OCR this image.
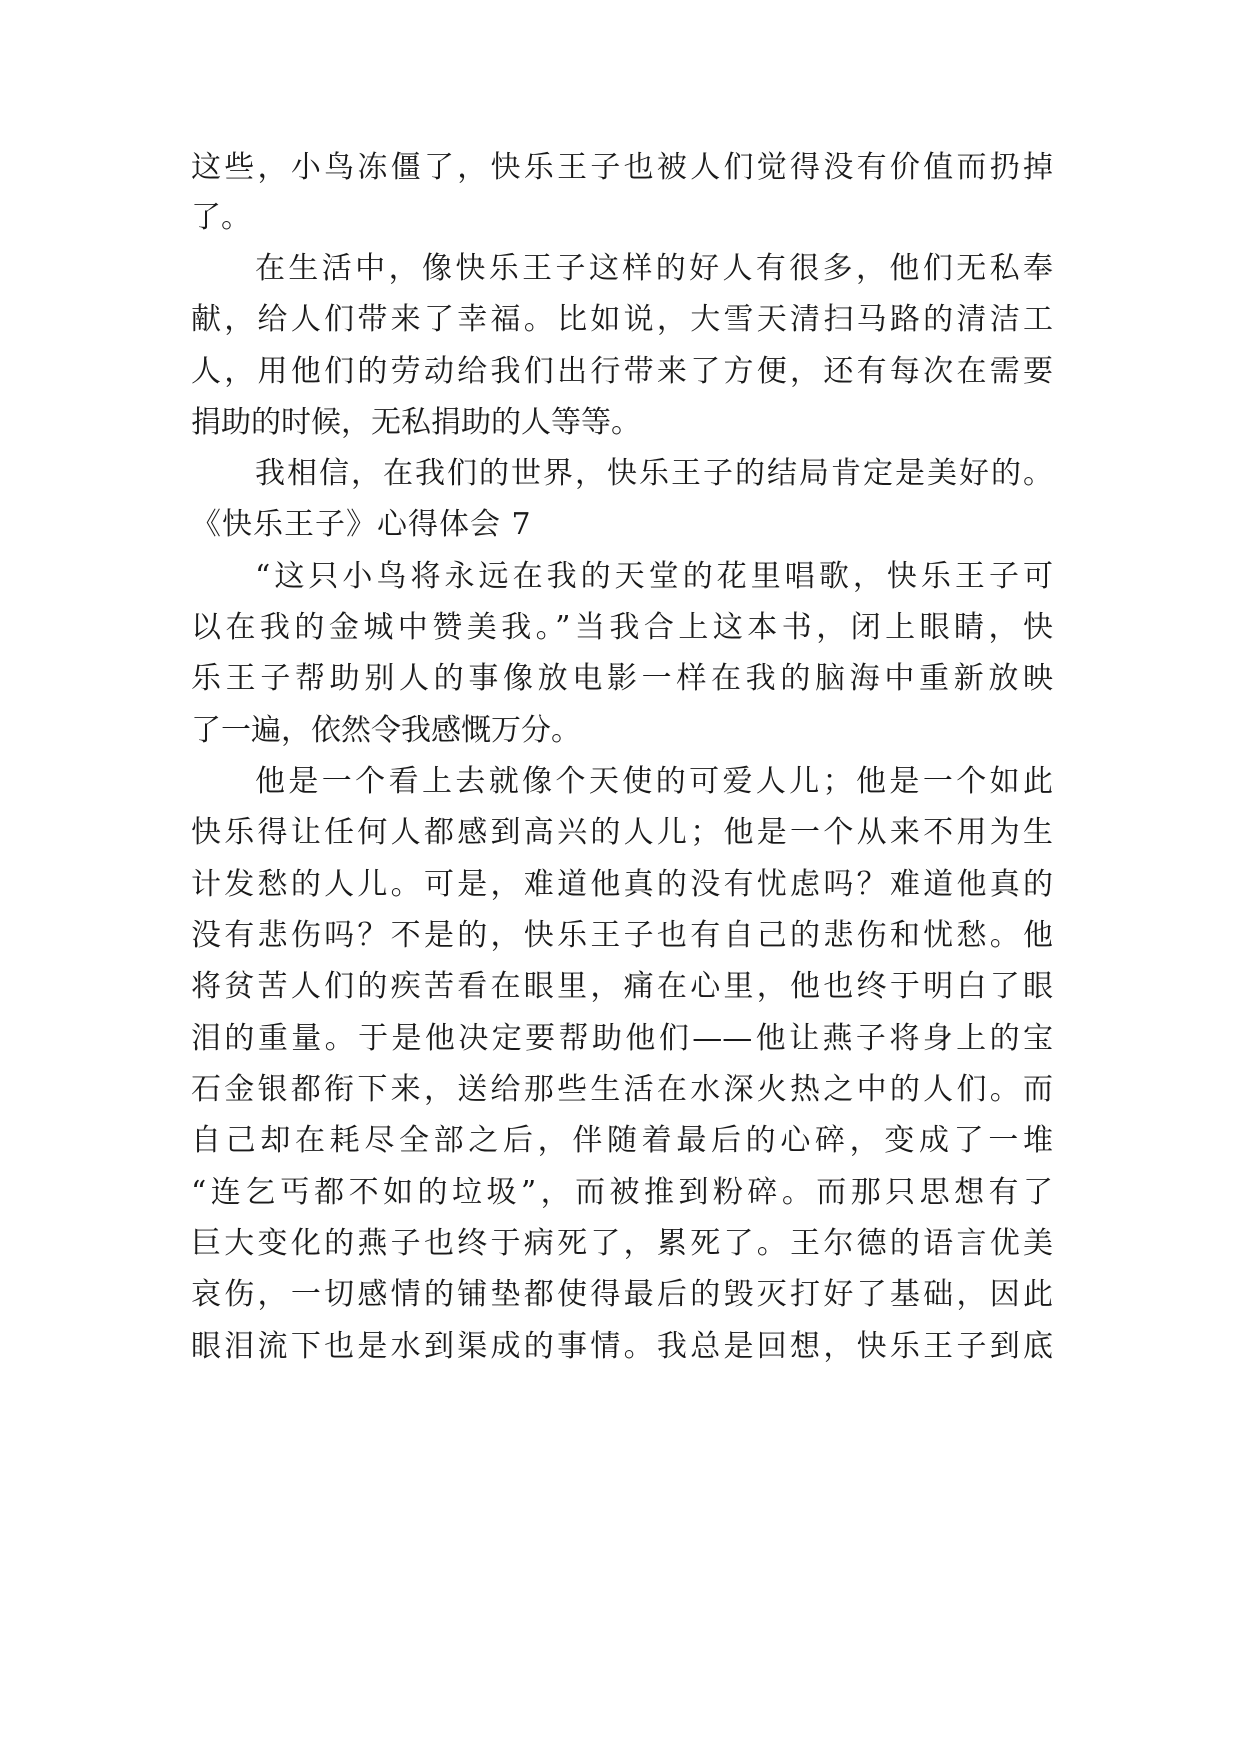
这些，小鸟冻僵了，快乐王子也被人们觉得没有价值而扔掉
了。
在生活中，像快乐王子这样的好人有很多，他们无私奉
献，给人们带来了幸福。比如说，大雪天清扫马路的清洁工
人，用他们的劳动给我们出行带来了方便，还有每次在需要
捐助的时候，无私捐助的人等等。
我相信，在我们的世界，快乐王子的结局肯定是美好的。
《快乐王子》心得体会 7
“这只小鸟将永远在我的天堂的花里唱歌，快乐王子可
以在我的金城中赞美我。”当我合上这本书，闭上眼睛，快
乐王子帮助别人的事像放电影一样在我的脑海中重新放映
了一遍，依然令我感慨万分。
他是一个看上去就像个天使的可爱人儿；他是一个如此
快乐得让任何人都感到高兴的人儿；他是一个从来不用为生
计发愁的人儿。可是，难道他真的没有忧虑吗？难道他真的
没有悲伤吗？不是的，快乐王子也有自己的悲伤和忧愁。他
将贫苦人们的疾苦看在眼里，痛在心里，他也终于明白了眼
泪的重量。于是他决定要帮助他们——他让燕子将身上的宝
石金银都衔下来，送给那些生活在水深火热之中的人们。而
自己却在耗尽全部之后，伴随着最后的心碎，变成了一堆
“连乞丐都不如的垃圾”，而被推到粉碎。而那只思想有了
巨大变化的燕子也终于病死了，累死了。王尔德的语言优美
哀伤，一切感情的铺垫都使得最后的毁灭打好了基础，因此
眼泪流下也是水到渠成的事情。我总是回想，快乐王子到底
